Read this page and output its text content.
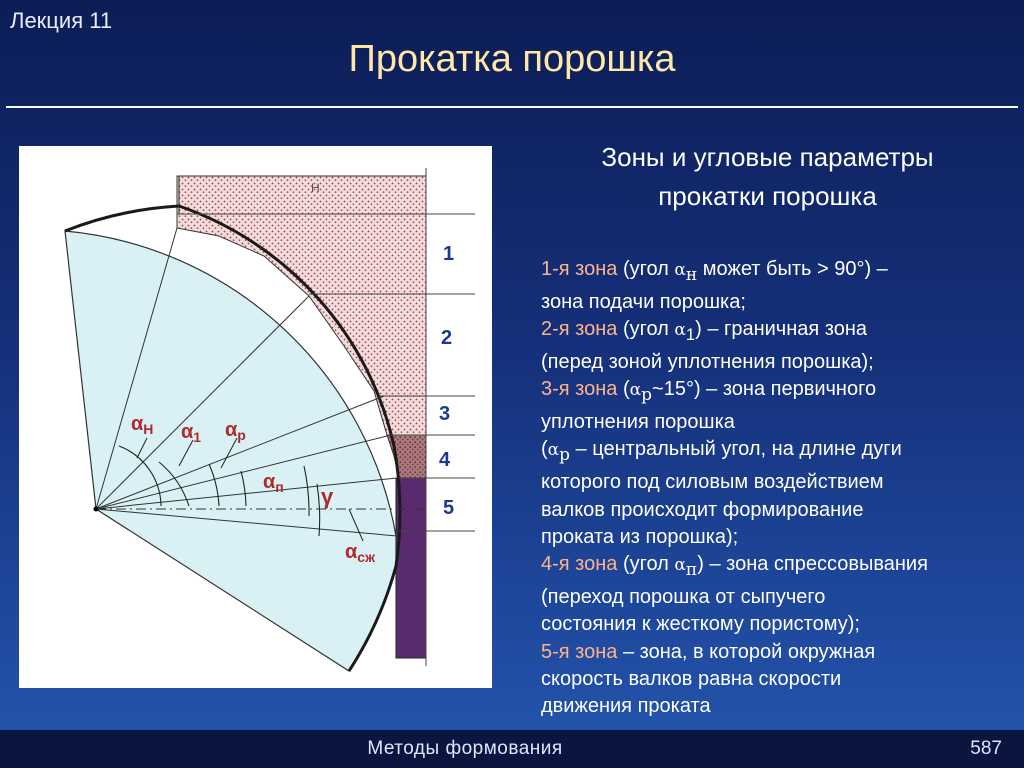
Лекция 11
Прокатка порошка
H
1
2
3
4
5
$\alpha_H$ $\alpha_1$ $\alpha_р$
$\alpha_п$ γ
$\alpha_{сж}$
Зоны и угловые параметры
прокатки порошка

1-я зона (угол $\alpha_н$ может быть > 90°) –

зона подачи порошка;

2-я зона (угол $\alpha_1$) – граничная зона

(перед зоной уплотнения порошка);

3-я зона $(\alpha_р\sim 15^\circ)$ – зона первичного

уплотнения порошка

($\alpha_р$ – центральный угол, на длине дуги

которого под силовым воздействием

валков происходит формирование

проката из порошка);

4-я зона (угол $\alpha_п$) – зона спрессовывания

(переход порошка от сыпучего

состояния к жесткому пористому);

5-я зона – зона, в которой окружная

скорость валков равна скорости

движения проката

Методы формования	587
